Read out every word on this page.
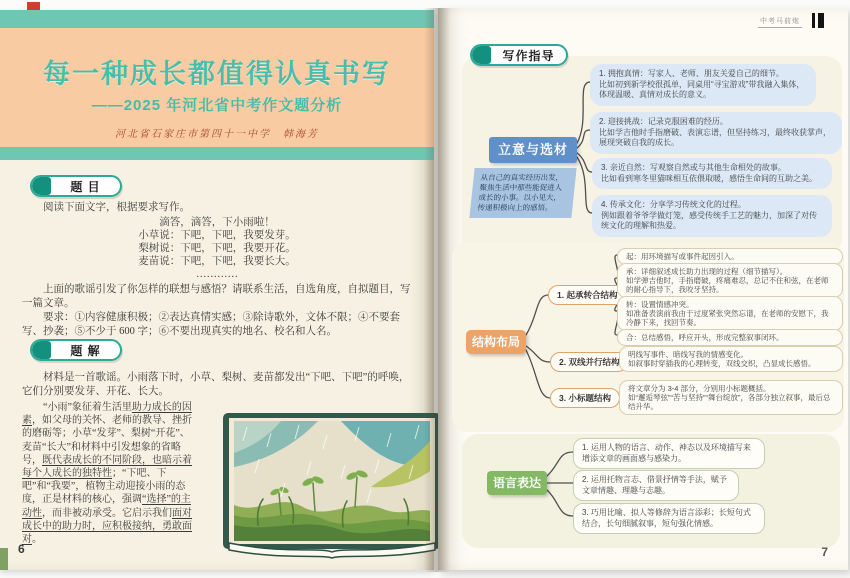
每一种成长都值得认真书写
——2025 年河北省中考作文题分析
河北省石家庄市第四十一中学　韩海芳
题 目
阅读下面文字，根据要求写作。
滴答，滴答，下小雨啦！
小草说：下吧，下吧，我要发芽。
梨树说：下吧，下吧，我要开花。
麦苗说：下吧，下吧，我要长大。
…………
上面的歌谣引发了你怎样的联想与感悟？请联系生活，自选角度，自拟题目，写一篇文章。
要求：①内容健康积极；②表达真情实感；③除诗歌外，文体不限；④不要套写、抄袭；⑤不少于 600 字；⑥不要出现真实的地名、校名和人名。
题 解
材料是一首歌谣。小雨落下时，小草、梨树、麦苗都发出“下吧、下吧”的呼唤，它们分别要发芽、开花、长大。
“小雨”象征着生活里助力成长的因素，如父母的关怀、老师的教导、挫折的磨砺等；小草“发芽”、梨树“开花”、麦苗“长大”和材料中引发想象的省略号，既代表成长的不同阶段，也暗示着每个人成长的独特性；“下吧、下吧”和“我要”，植物主动迎接小雨的态度，正是材料的核心，强调“选择”的主动性，而非被动承受。它启示我们面对成长中的助力时，应积极接纳，勇敢面对。
6
中考马前炮
写作指导
立意与选材
从自己的真实经历出发，聚焦生活中那些能促进人成长的小事。以小见大，传递积极向上的感悟。
1. 拥抱真情：写家人、老师、朋友关爱自己的细节。
比如初到新学校很孤单，同桌用“寻宝游戏”带我融入集体，体现温暖、真情对成长的意义。
2. 迎接挑战：记录克服困难的经历。
比如学吉他时手指磨破、表演忘谱，但坚持练习，最终收获掌声，展现突破自我的成长。
3. 亲近自然：写观察自然或与其他生命相处的故事。
比如看到寒冬里猫咪相互依偎取暖，感悟生命间的互助之美。
4. 传承文化：分享学习传统文化的过程。
例如跟着爷爷学做灯笼，感受传统手工艺的魅力，加深了对传统文化的理解和热爱。
结构布局
1. 起承转合结构
2. 双线并行结构
3. 小标题结构
起：用环境描写或事件起因引入。
承：详细叙述成长助力出现的过程（细节描写）。
如学弹吉他时，手指磨破，疼痛难忍，总记不住和弦，在老师的耐心指导下，我咬牙坚持。
转：设置情感冲突。
如准备表演前我由于过度紧张突然忘谱，在老师的安慰下，我冷静下来，找回节奏。
合：总结感悟，呼应开头，形成完整叙事闭环。
明线写事件、暗线写我的情感变化。
如叙事时穿插我的心理转变，双线交织，凸显成长感悟。
将文章分为 3-4 部分，分别用小标题概括。
如“邂逅琴弦”“苦与坚持”“舞台绽放”，各部分独立叙事，最后总结升华。
语言表达
1. 运用人物的语言、动作、神态以及环境描写来增添文章的画面感与感染力。
2. 运用托物言志、借景抒情等手法，赋予文章情趣、理趣与志趣。
3. 巧用比喻、拟人等修辞为语言添彩；长短句式结合，长句细腻叙事，短句强化情感。
7
